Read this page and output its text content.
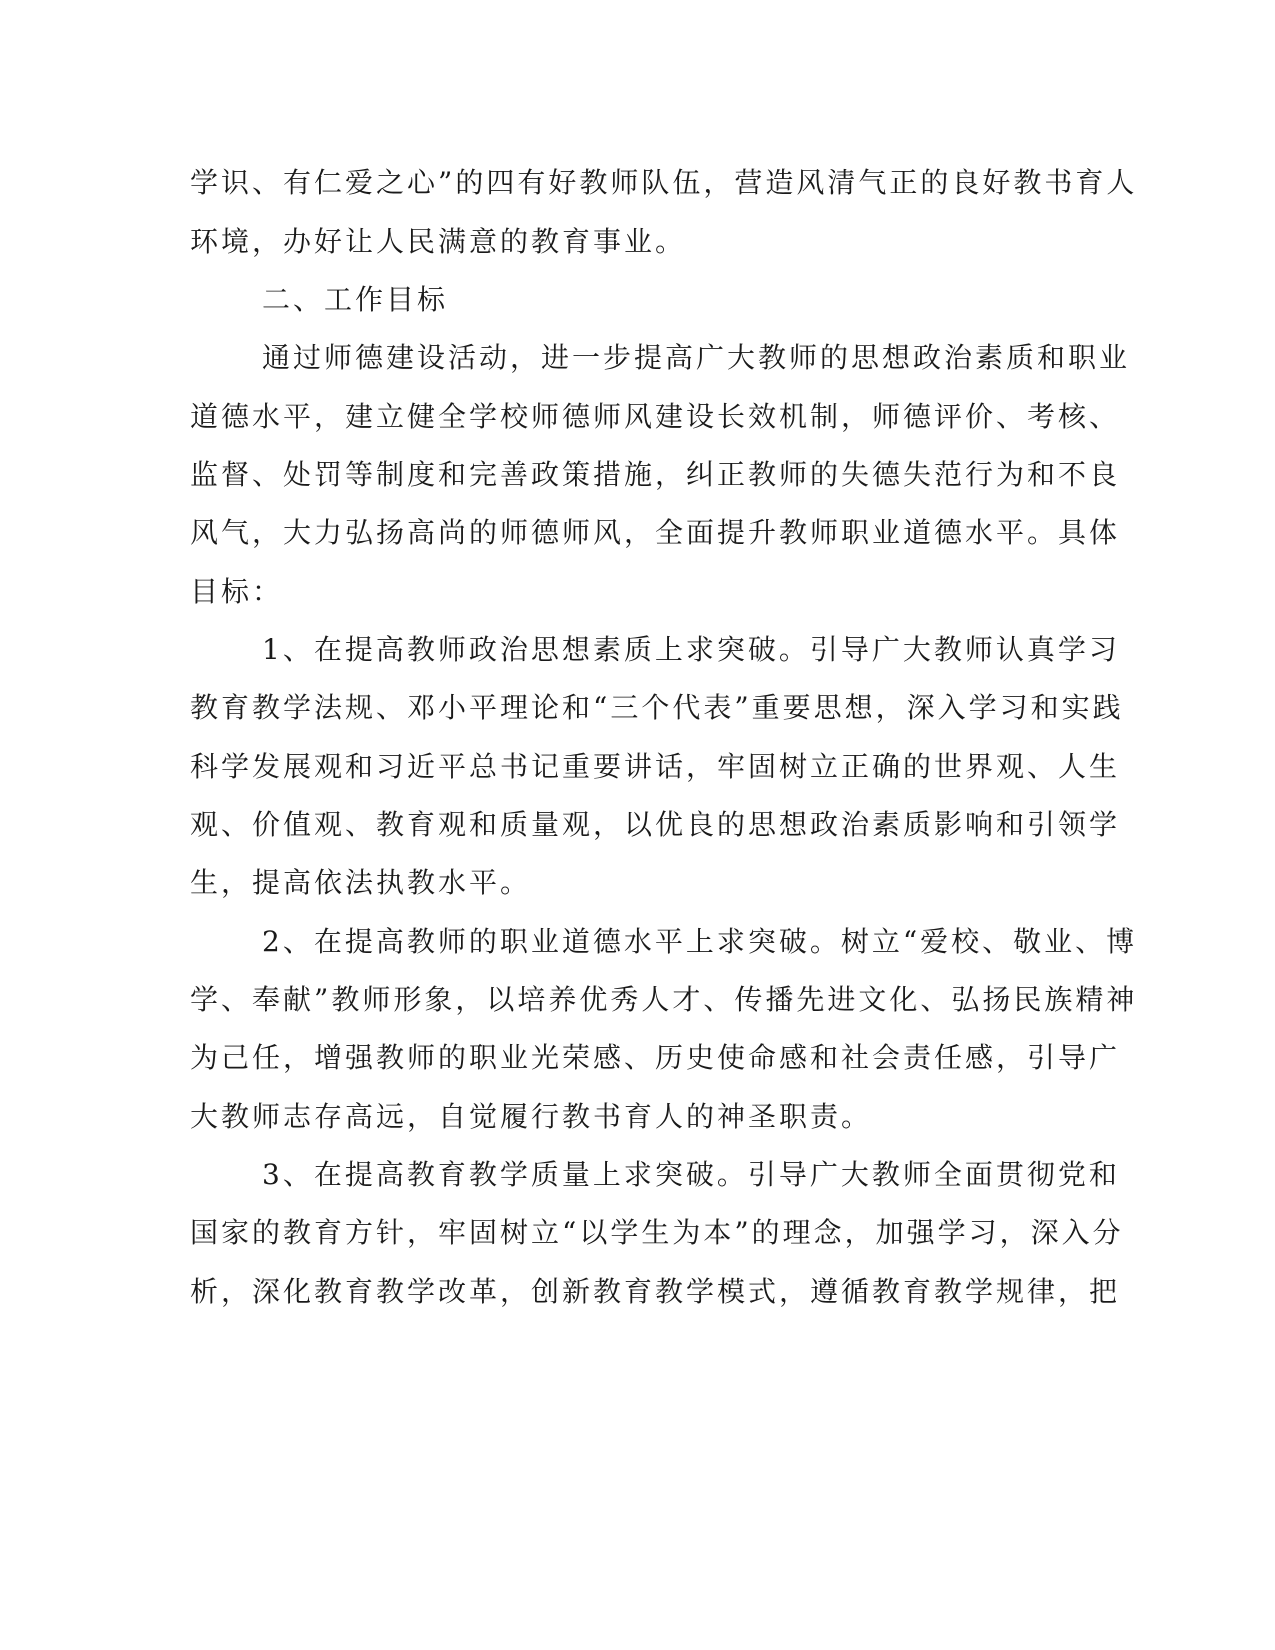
学识、有仁爱之心”的四有好教师队伍，营造风清气正的良好教书育人

环境，办好让人民满意的教育事业。

二、工作目标

通过师德建设活动，进一步提高广大教师的思想政治素质和职业

道德水平，建立健全学校师德师风建设长效机制，师德评价、考核、

监督、处罚等制度和完善政策措施，纠正教师的失德失范行为和不良

风气，大力弘扬高尚的师德师风，全面提升教师职业道德水平。具体

目标：

1、在提高教师政治思想素质上求突破。引导广大教师认真学习

教育教学法规、邓小平理论和“三个代表”重要思想，深入学习和实践

科学发展观和习近平总书记重要讲话，牢固树立正确的世界观、人生

观、价值观、教育观和质量观，以优良的思想政治素质影响和引领学

生，提高依法执教水平。

2、在提高教师的职业道德水平上求突破。树立“爱校、敬业、博

学、奉献”教师形象，以培养优秀人才、传播先进文化、弘扬民族精神

为己任，增强教师的职业光荣感、历史使命感和社会责任感，引导广

大教师志存高远，自觉履行教书育人的神圣职责。

3、在提高教育教学质量上求突破。引导广大教师全面贯彻党和

国家的教育方针，牢固树立“以学生为本”的理念，加强学习，深入分

析，深化教育教学改革，创新教育教学模式，遵循教育教学规律，把
